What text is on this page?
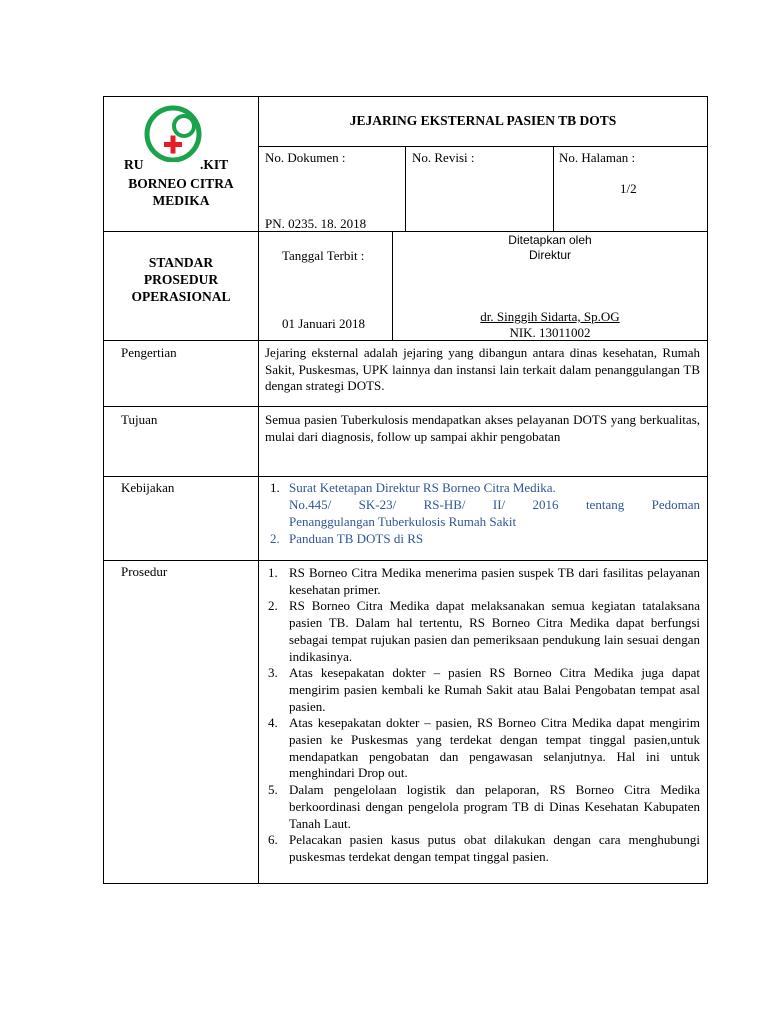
RU	.KIT
BORNEO CITRA
MEDIKA
JEJARING EKSTERNAL PASIEN TB DOTS
No. Dokumen :
PN. 0235. 18. 2018
No. Revisi :	No. Halaman :
1/2
STANDAR
PROSEDUR
OPERASIONAL
Tanggal Terbit :
01 Januari 2018
Ditetapkan oleh
Direktur
dr. Singgih Sidarta, Sp.OG
NIK. 13011002
Pengertian	Jejaring eksternal adalah jejaring yang dibangun antara dinas kesehatan, Rumah Sakit, Puskesmas, UPK lainnya dan instansi lain terkait dalam penanggulangan TB dengan strategi DOTS.
Tujuan	Semua pasien Tuberkulosis mendapatkan akses pelayanan DOTS yang berkualitas, mulai dari diagnosis, follow up sampai akhir pengobatan
Kebijakan	1. Surat Ketetapan Direktur RS Borneo Citra Medika.
No.445/ SK-23/ RS-HB/ II/ 2016 tentang Pedoman
Penanggulangan Tuberkulosis Rumah Sakit
2. Panduan TB DOTS di RS
Prosedur	1. RS Borneo Citra Medika menerima pasien suspek TB dari fasilitas pelayanan kesehatan primer.
2. RS Borneo Citra Medika dapat melaksanakan semua kegiatan tatalaksana pasien TB. Dalam hal tertentu, RS Borneo Citra Medika dapat berfungsi sebagai tempat rujukan pasien dan pemeriksaan pendukung lain sesuai dengan indikasinya.
3. Atas kesepakatan dokter – pasien RS Borneo Citra Medika juga dapat mengirim pasien kembali ke Rumah Sakit atau Balai Pengobatan tempat asal pasien.
4. Atas kesepakatan dokter – pasien, RS Borneo Citra Medika dapat mengirim pasien ke Puskesmas yang terdekat dengan tempat tinggal pasien,untuk mendapatkan pengobatan dan pengawasan selanjutnya. Hal ini untuk menghindari Drop out.
5. Dalam pengelolaan logistik dan pelaporan, RS Borneo Citra Medika berkoordinasi dengan pengelola program TB di Dinas Kesehatan Kabupaten Tanah Laut.
6. Pelacakan pasien kasus putus obat dilakukan dengan cara menghubungi puskesmas terdekat dengan tempat tinggal pasien.
